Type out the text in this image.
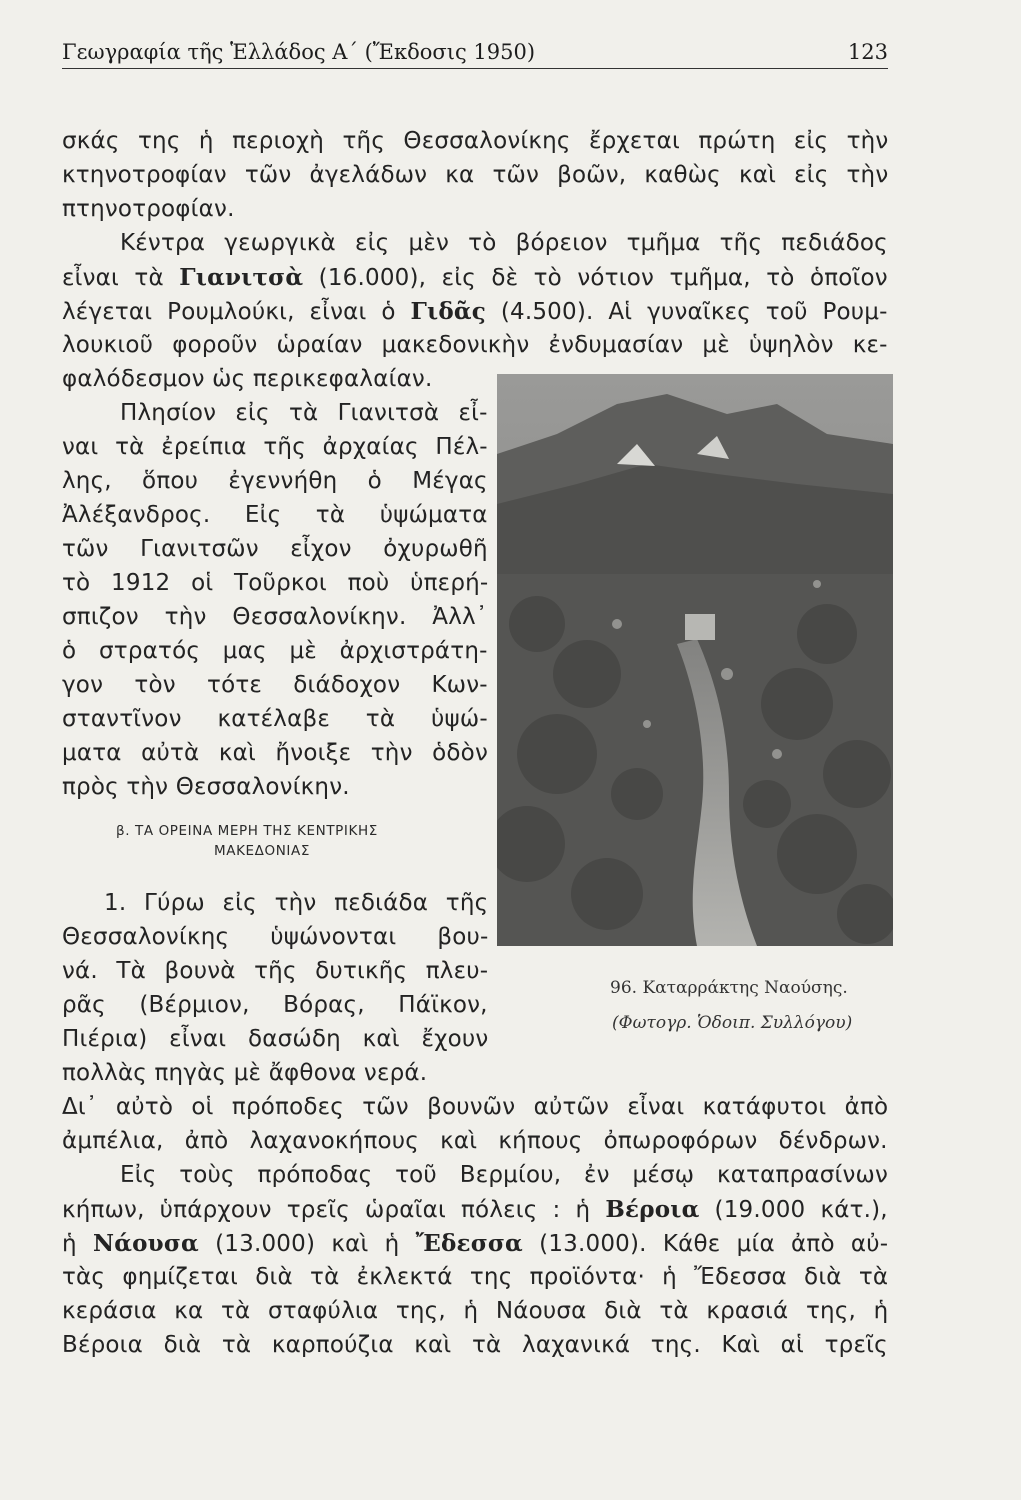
Γεωγραφία τῆς Ἑλλάδος Α΄ (Ἔκδοσις 1950)	123
σκάς της ἡ περιοχὴ τῆς Θεσσαλονίκης ἔρχεται πρώτη εἰς τὴν
κτηνοτροφίαν τῶν ἀγελάδων κα τῶν βοῶν, καθὼς καὶ εἰς τὴν
πτηνοτροφίαν.
Κέντρα γεωργικὰ εἰς μὲν τὸ βόρειον τμῆμα τῆς πεδιάδος
εἶναι τὰ Γιανιτσὰ (16.000), εἰς δὲ τὸ νότιον τμῆμα, τὸ ὁποῖον
λέγεται Ρουμλούκι, εἶναι ὁ Γιδᾶς (4.500). Αἱ γυναῖκες τοῦ Ρουμ-
λουκιοῦ φοροῦν ὡραίαν μακεδονικὴν ἐνδυμασίαν μὲ ὑψηλὸν κε-
φαλόδεσμον ὡς περικεφαλαίαν.
Πλησίον εἰς τὰ Γιανιτσὰ εἶ-
ναι τὰ ἐρείπια τῆς ἀρχαίας Πέλ-
λης, ὅπου ἐγεννήθη ὁ Μέγας
Ἀλέξανδρος. Εἰς τὰ ὑψώματα
τῶν Γιανιτσῶν εἶχον ὀχυρωθῆ
τὸ 1912 οἱ Τοῦρκοι ποὺ ὑπερή-
σπιζον τὴν Θεσσαλονίκην. Ἀλλ᾿
ὁ στρατός μας μὲ ἀρχιστράτη-
γον τὸν τότε διάδοχον Κων-
σταντῖνον κατέλαβε τὰ ὑψώ-
ματα αὐτὰ καὶ ἤνοιξε τὴν ὁδὸν
πρὸς τὴν Θεσσαλονίκην.
1. Γύρω εἰς τὴν πεδιάδα τῆς
Θεσσαλονίκης ὑψώνονται βου-
νά. Τὰ βουνὰ τῆς δυτικῆς πλευ-
ρᾶς (Βέρμιον, Βόρας, Πάϊκον,
Πιέρια) εἶναι δασώδη καὶ ἔχουν
πολλὰς πηγὰς μὲ ἄφθονα νερά.
Δι᾿ αὐτὸ οἱ πρόποδες τῶν βουνῶν αὐτῶν εἶναι κατάφυτοι ἀπὸ
ἀμπέλια, ἀπὸ λαχανοκήπους καὶ κήπους ὀπωροφόρων δένδρων.
Εἰς τοὺς πρόποδας τοῦ Βερμίου, ἐν μέσῳ καταπρασίνων
κήπων, ὑπάρχουν τρεῖς ὡραῖαι πόλεις : ἡ Βέροια (19.000 κάτ.),
ἡ Νάουσα (13.000) καὶ ἡ Ἔδεσσα (13.000). Κάθε μία ἀπὸ αὐ-
τὰς φημίζεται διὰ τὰ ἐκλεκτά της προϊόντα· ἡ Ἔδεσσα διὰ τὰ
κεράσια κα τὰ σταφύλια της, ἡ Νάουσα διὰ τὰ κρασιά της, ἡ
Βέροια διὰ τὰ καρπούζια καὶ τὰ λαχανικά της. Καὶ αἱ τρεῖς
β. ΤΑ ΟΡΕΙΝΑ ΜΕΡΗ ΤΗΣ ΚΕΝΤΡΙΚΗΣ
ΜΑΚΕΔΟΝΙΑΣ
96. Καταρράκτης Ναούσης.
(Φωτογρ. Ὁδοιπ. Συλλόγου)
